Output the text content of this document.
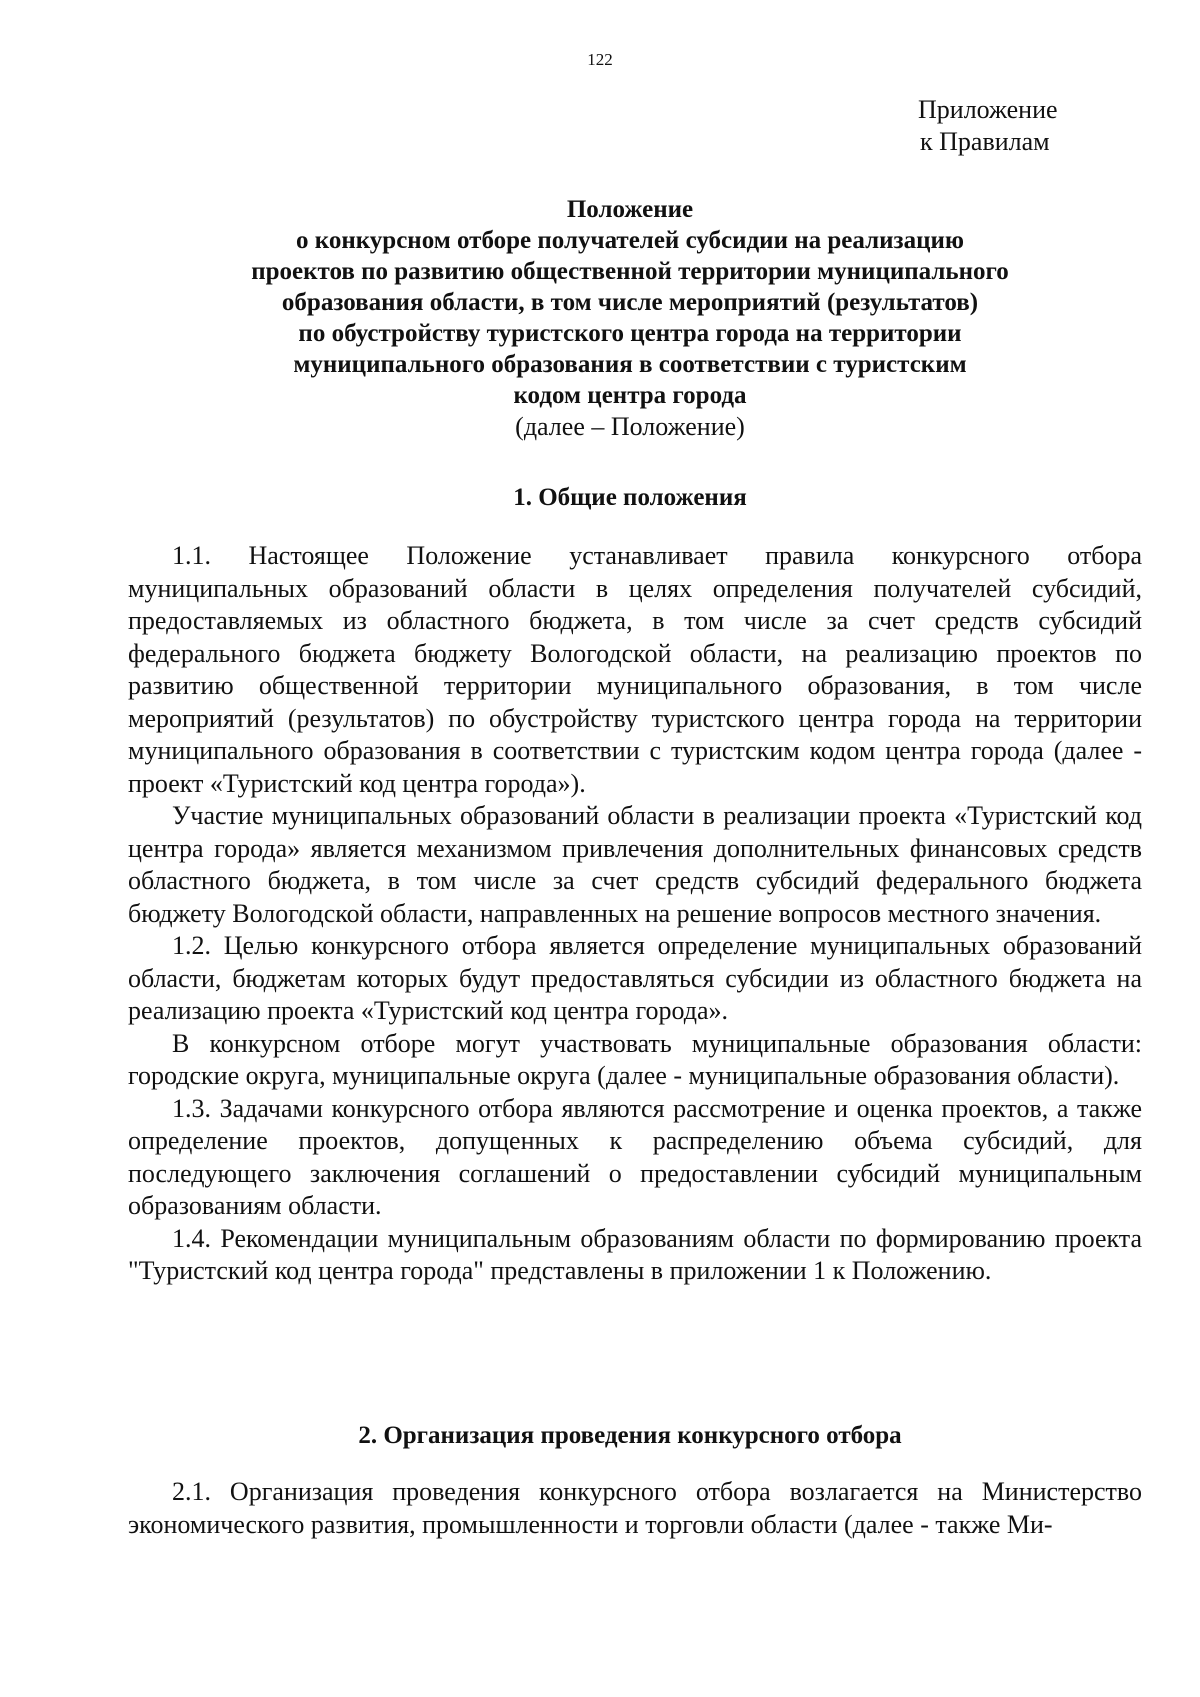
122
Приложение
к Правилам
Положение
о конкурсном отборе получателей субсидии на реализацию
проектов по развитию общественной территории муниципального
образования области, в том числе мероприятий (результатов)
по обустройству туристского центра города на территории
муниципального образования в соответствии с туристским
кодом центра города
(далее – Положение)
1. Общие положения

1.1. Настоящее Положение устанавливает правила конкурсного отбора муниципальных образований области в целях определения получателей субсидий, предоставляемых из областного бюджета, в том числе за счет средств субсидий федерального бюджета бюджету Вологодской области, на реализацию проектов по развитию общественной территории муниципального образования, в том числе мероприятий (результатов) по обустройству туристского центра города на территории муниципального образования в соответствии с туристским кодом центра города (далее - проект «Туристский код центра города»).

Участие муниципальных образований области в реализации проекта «Туристский код центра города» является механизмом привлечения дополнительных финансовых средств областного бюджета, в том числе за счет средств субсидий федерального бюджета бюджету Вологодской области, направленных на решение вопросов местного значения.

1.2. Целью конкурсного отбора является определение муниципальных образований области, бюджетам которых будут предоставляться субсидии из областного бюджета на реализацию проекта «Туристский код центра города».

В конкурсном отборе могут участвовать муниципальные образования области: городские округа, муниципальные округа (далее - муниципальные образования области).

1.3. Задачами конкурсного отбора являются рассмотрение и оценка проектов, а также определение проектов, допущенных к распределению объема субсидий, для последующего заключения соглашений о предоставлении субсидий муниципальным образованиям области.

1.4. Рекомендации муниципальным образованиям области по формированию проекта "Туристский код центра города" представлены в приложении 1 к Положению.

2. Организация проведения конкурсного отбора

2.1. Организация проведения конкурсного отбора возлагается на Министерство экономического развития, промышленности и торговли области (далее - также Ми-
